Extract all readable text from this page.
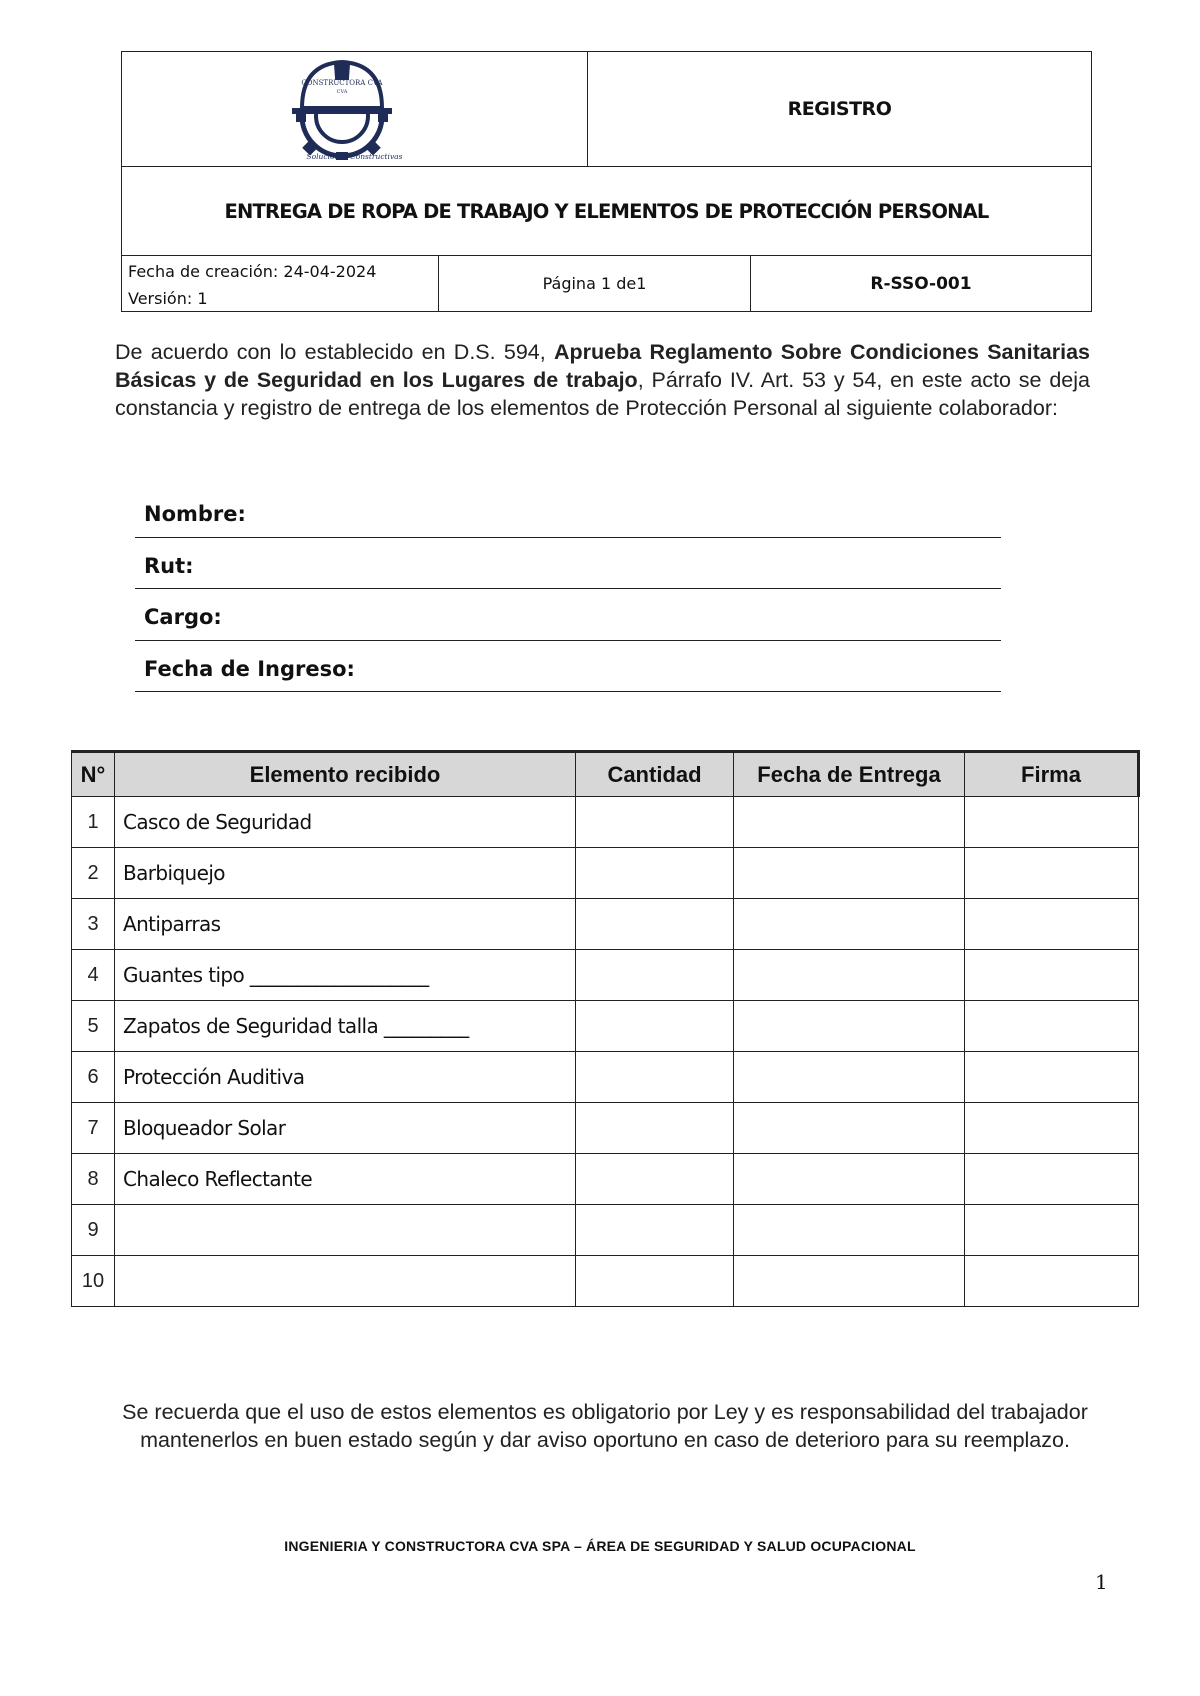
CONSTRUCTORA CVA
CVA
Soluciones Constructivas
REGISTRO
ENTREGA DE ROPA DE TRABAJO Y ELEMENTOS DE PROTECCIÓN PERSONAL
Fecha de creación: 24-04-2024
Versión: 1
Página 1 de1	R-SSO-001
De acuerdo con lo establecido en D.S. 594, Aprueba Reglamento Sobre Condiciones Sanitarias Básicas y de Seguridad en los Lugares de trabajo, Párrafo IV. Art. 53 y 54, en este acto se deja constancia y registro de entrega de los elementos de Protección Personal al siguiente colaborador:
Nombre:
Rut:
Cargo:
Fecha de Ingreso:
N°	Elemento recibido	Cantidad	Fecha de Entrega	Firma
1	Casco de Seguridad			
2	Barbiquejo			
3	Antiparras			
4	Guantes tipo ___________________			
5	Zapatos de Seguridad talla _________			
6	Protección Auditiva			
7	Bloqueador Solar			
8	Chaleco Reflectante			
9				
10				
Se recuerda que el uso de estos elementos es obligatorio por Ley y es responsabilidad del trabajador mantenerlos en buen estado según y dar aviso oportuno en caso de deterioro para su reemplazo.
INGENIERIA Y CONSTRUCTORA CVA SPA – ÁREA DE SEGURIDAD Y SALUD OCUPACIONAL
1
